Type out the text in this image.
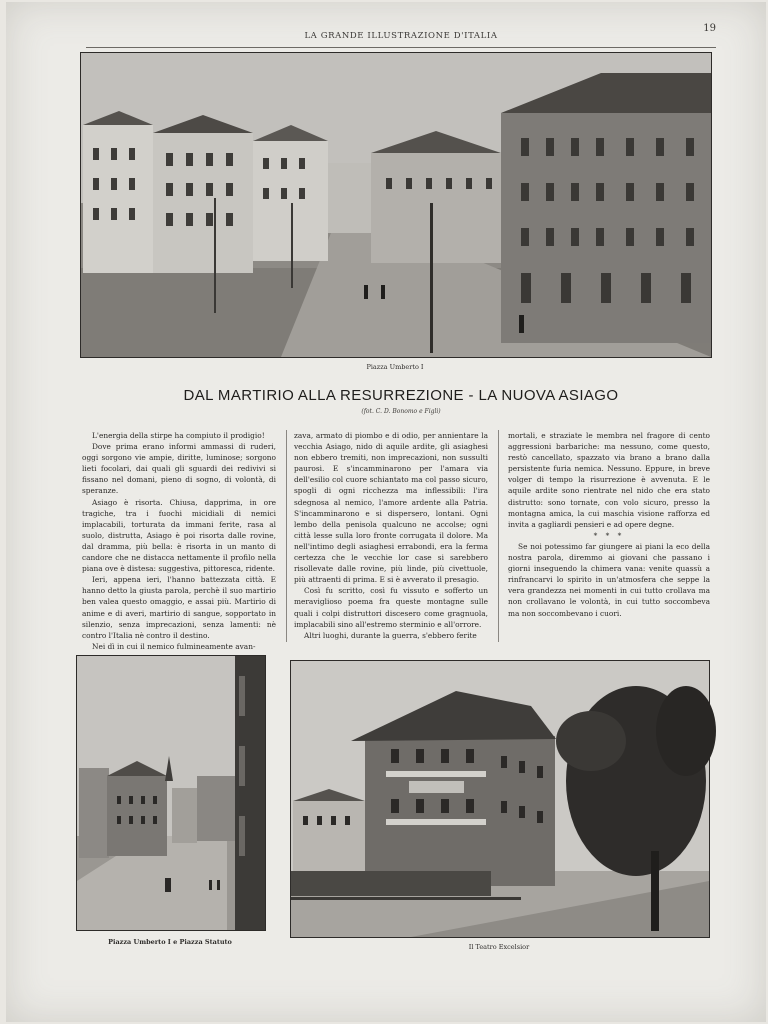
LA GRANDE ILLUSTRAZIONE D'ITALIA
19
Piazza Umberto I
DAL MARTIRIO ALLA RESURREZIONE - LA NUOVA ASIAGO
(fot. C. D. Bonomo e Figli)

L'energia della stirpe ha compiuto il prodigio!

Dove prima erano informi ammassi di ruderi, oggi sorgono vie ampie, diritte, luminose; sorgono lieti focolari, dai quali gli sguardi dei redivivi si fissano nel domani, pieno di sogno, di volontà, di speranze.

Asiago è risorta. Chiusa, dapprima, in ore tragiche, tra i fuochi micidiali di nemici implacabili, torturata da immani ferite, rasa al suolo, distrutta, Asiago è poi risorta dalle rovine, dal dramma, più bella: è risorta in un manto di candore che ne distacca nettamente il profilo nella piana ove è distesa: suggestiva, pittoresca, ridente.

Ieri, appena ieri, l'hanno battezzata città. E hanno detto la giusta parola, perchè il suo martirio ben valea questo omaggio, e assai più. Martirio di anime e di averi, martirio di sangue, sopportato in silenzio, senza imprecazioni, senza lamenti: nè contro l'Italia nè contro il destino.

Nei dì in cui il nemico fulmineamente avan-

zava, armato di piombo e di odio, per annientare la vecchia Asiago, nido di aquile ardite, gli asiaghesi non ebbero tremiti, non imprecazioni, non sussulti paurosi. E s'incamminarono per l'amara via dell'esilio col cuore schiantato ma col passo sicuro, spogli di ogni ricchezza ma inflessibili: l'ira sdegnosa al nemico, l'amore ardente alla Patria. S'incamminarono e si dispersero, lontani. Ogni lembo della penisola qualcuno ne accolse; ogni città lesse sulla loro fronte corrugata il dolore. Ma nell'intimo degli asiaghesi errabondi, era la ferma certezza che le vecchie lor case si sarebbero risollevate dalle rovine, più linde, più civettuole, più attraenti di prima. E si è avverato il presagio.

Così fu scritto, così fu vissuto e sofferto un meraviglioso poema fra queste montagne sulle quali i colpi distruttori discesero come gragnuola, implacabili sino all'estremo sterminio e all'orrore.

Altri luoghi, durante la guerra, s'ebbero ferite

mortali, e straziate le membra nel fragore di cento aggressioni barbariche: ma nessuno, come questo, restò cancellato, spazzato via brano a brano dalla persistente furia nemica. Nessuno. Eppure, in breve volger di tempo la risurrezione è avvenuta. E le aquile ardite sono rientrate nel nido che era stato distrutto: sono tornate, con volo sicuro, presso la montagna amica, la cui maschia visione rafforza ed invita a gagliardi pensieri e ad opere degne.

* * *

Se noi potessimo far giungere ai piani la eco della nostra parola, diremmo ai giovani che passano i giorni inseguendo la chimera vana: venite quassù a rinfrancarvi lo spirito in un'atmosfera che seppe la vera grandezza nei momenti in cui tutto crollava ma non crollavano le volontà, in cui tutto soccombeva ma non soccombevano i cuori.

Piazza Umberto I e Piazza Statuto
Il Teatro Excelsior
